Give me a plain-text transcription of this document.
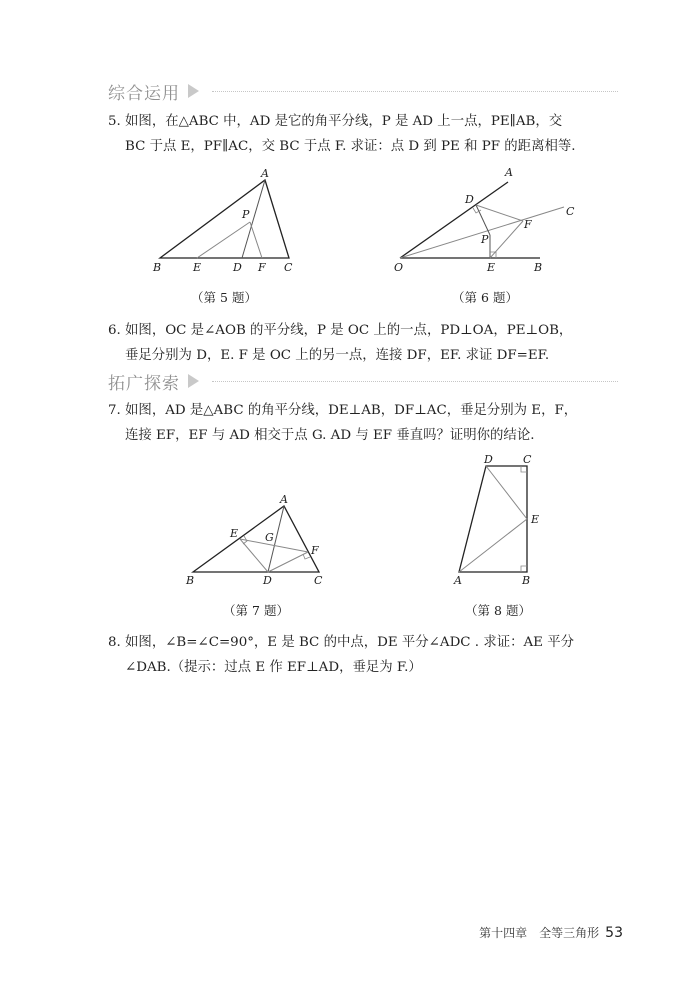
综合运用

5. 如图，在△ABC 中，AD 是它的角平分线，P 是 AD 上一点，PE∥AB，交

BC 于点 E，PF∥AC，交 BC 于点 F. 求证：点 D 到 PE 和 PF 的距离相等.

A
P
B	E	D F C
（第 5 题）
A
D
C
F
P
O	E	B
（第 6 题）

6. 如图，OC 是∠AOB 的平分线，P 是 OC 上的一点，PD⊥OA，PE⊥OB，

垂足分别为 D，E. F 是 OC 上的另一点，连接 DF，EF. 求证 DF=EF.

拓广探索

7. 如图，AD 是△ABC 的角平分线，DE⊥AB，DF⊥AC，垂足分别为 E，F，

连接 EF，EF 与 AD 相交于点 G. AD 与 EF 垂直吗？证明你的结论.

A
E G
F
B	D	C
（第 7 题）
D	C
E
A	B
（第 8 题）

8. 如图，∠B=∠C=90°，E 是 BC 的中点，DE 平分∠ADC . 求证：AE 平分

∠DAB.（提示：过点 E 作 EF⊥AD，垂足为 F.）

第十四章　全等三角形 53
